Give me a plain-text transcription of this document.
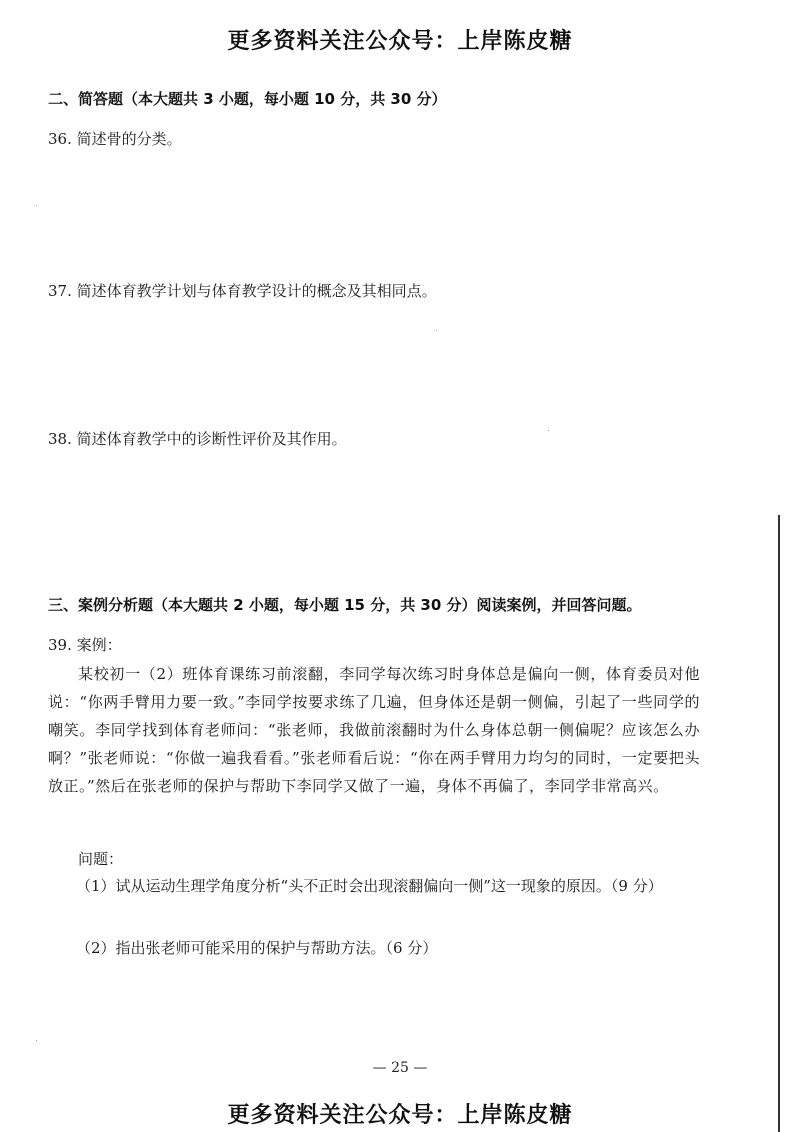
更多资料关注公众号：上岸陈皮糖
二、简答题（本大题共 3 小题，每小题 10 分，共 30 分）
36. 简述骨的分类。
37. 简述体育教学计划与体育教学设计的概念及其相同点。
38. 简述体育教学中的诊断性评价及其作用。
三、案例分析题（本大题共 2 小题，每小题 15 分，共 30 分）阅读案例，并回答问题。
39. 案例：
某校初一（2）班体育课练习前滚翻，李同学每次练习时身体总是偏向一侧，体育委员对他说：“你两手臂用力要一致。”李同学按要求练了几遍，但身体还是朝一侧偏，引起了一些同学的嘲笑。李同学找到体育老师问：“张老师，我做前滚翻时为什么身体总朝一侧偏呢？应该怎么办啊？”张老师说：“你做一遍我看看。”张老师看后说：“你在两手臂用力均匀的同时，一定要把头放正。”然后在张老师的保护与帮助下李同学又做了一遍，身体不再偏了，李同学非常高兴。
问题：
（1）试从运动生理学角度分析“头不正时会出现滚翻偏向一侧”这一现象的原因。（9 分）
（2）指出张老师可能采用的保护与帮助方法。（6 分）
— 25 —
更多资料关注公众号：上岸陈皮糖
